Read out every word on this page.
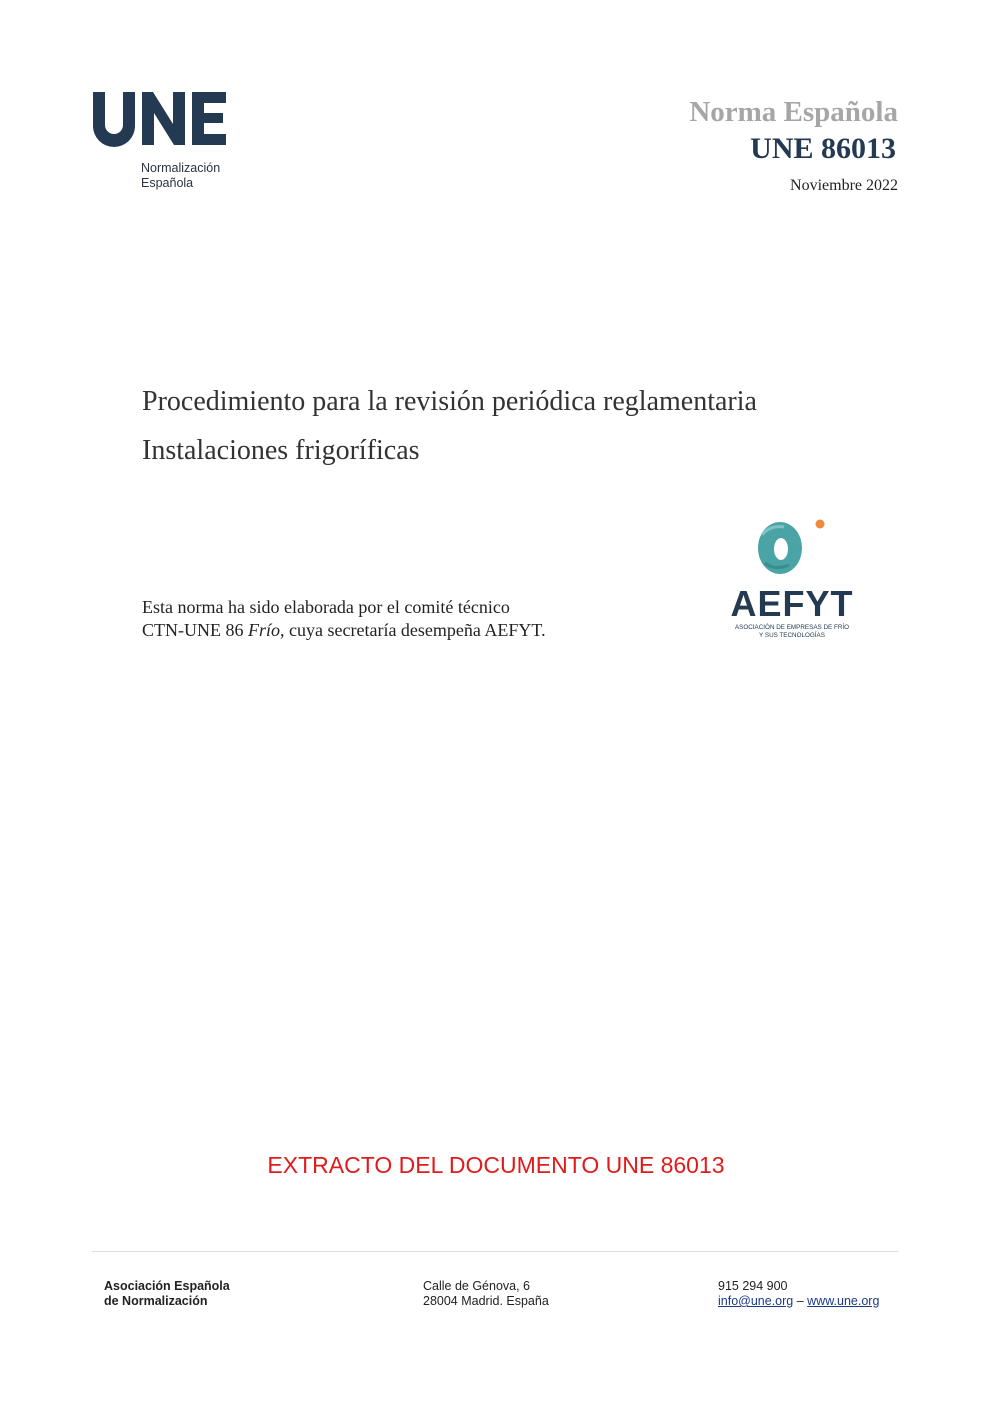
Normalización
Española
Norma Española
UNE 86013
Noviembre 2022
Procedimiento para la revisión periódica reglamentaria
Instalaciones frigoríficas
Esta norma ha sido elaborada por el comité técnico
CTN-UNE 86 Frío, cuya secretaría desempeña AEFYT.
AEFYT
ASOCIACIÓN DE EMPRESAS DE FRÍO
Y SUS TECNOLOGÍAS
EXTRACTO DEL DOCUMENTO UNE 86013
Asociación Española
de Normalización
Calle de Génova, 6
28004 Madrid. España
915 294 900
info@une.org – www.une.org
